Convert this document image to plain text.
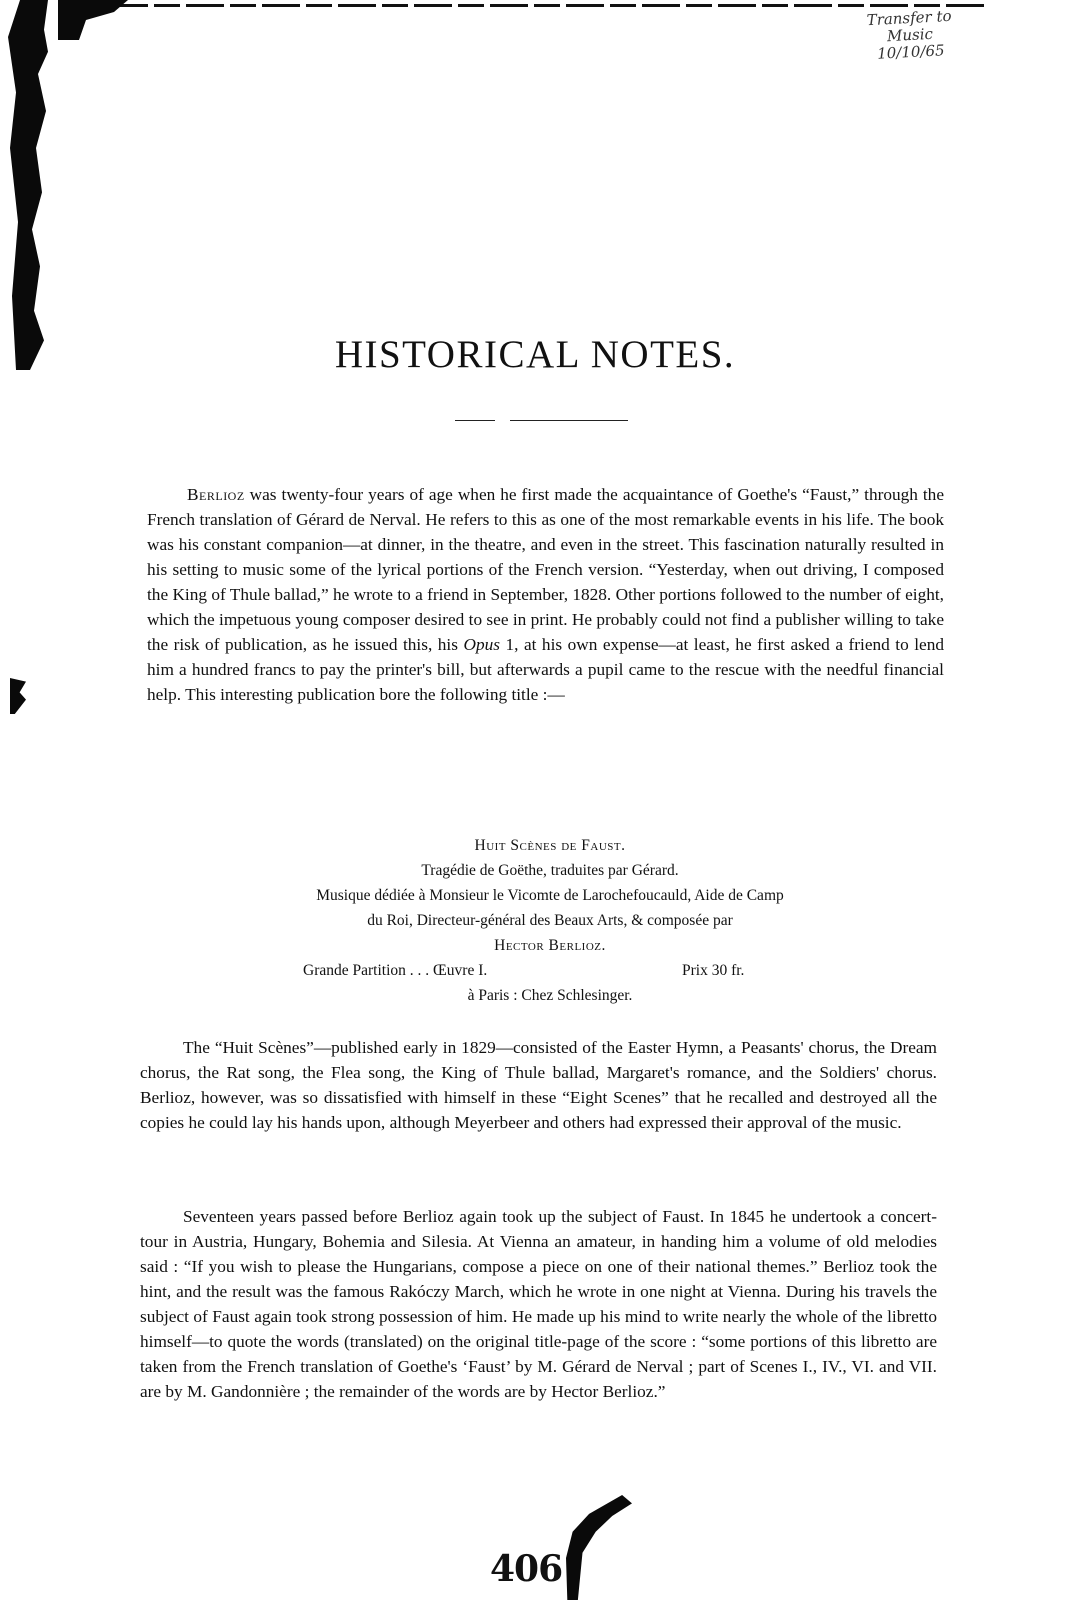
Transfer to
Music
10/10/65
HISTORICAL NOTES.

Berlioz was twenty-four years of age when he first made the acquaintance of Goethe's “Faust,” through the French translation of Gérard de Nerval. He refers to this as one of the most remarkable events in his life. The book was his constant companion—at dinner, in the theatre, and even in the street. This fascination naturally resulted in his setting to music some of the lyrical portions of the French version. “Yesterday, when out driving, I composed the King of Thule ballad,” he wrote to a friend in September, 1828. Other portions followed to the number of eight, which the impetuous young composer desired to see in print. He probably could not find a publisher willing to take the risk of publication, as he issued this, his Opus 1, at his own expense—at least, he first asked a friend to lend him a hundred francs to pay the printer's bill, but afterwards a pupil came to the rescue with the needful financial help. This interesting publication bore the following title :—

Huit Scènes de Faust.
Tragédie de Goëthe, traduites par Gérard.
Musique dédiée à Monsieur le Vicomte de Larochefoucauld, Aide de Camp
du Roi, Directeur-général des Beaux Arts, & composée par
Hector Berlioz.
Grande Partition . . . Œuvre I.	Prix 30 fr.
à Paris : Chez Schlesinger.

The “Huit Scènes”—published early in 1829—consisted of the Easter Hymn, a Peasants' chorus, the Dream chorus, the Rat song, the Flea song, the King of Thule ballad, Margaret's romance, and the Soldiers' chorus. Berlioz, however, was so dissatisfied with himself in these “Eight Scenes” that he recalled and destroyed all the copies he could lay his hands upon, although Meyerbeer and others had expressed their approval of the music.

Seventeen years passed before Berlioz again took up the subject of Faust. In 1845 he undertook a concert-tour in Austria, Hungary, Bohemia and Silesia. At Vienna an amateur, in handing him a volume of old melodies said : “If you wish to please the Hungarians, compose a piece on one of their national themes.” Berlioz took the hint, and the result was the famous Rakóczy March, which he wrote in one night at Vienna. During his travels the subject of Faust again took strong possession of him. He made up his mind to write nearly the whole of the libretto himself—to quote the words (translated) on the original title-page of the score : “some portions of this libretto are taken from the French translation of Goethe's ‘Faust’ by M. Gérard de Nerval ; part of Scenes I., IV., VI. and VII. are by M. Gandonnière ; the remainder of the words are by Hector Berlioz.”

406
